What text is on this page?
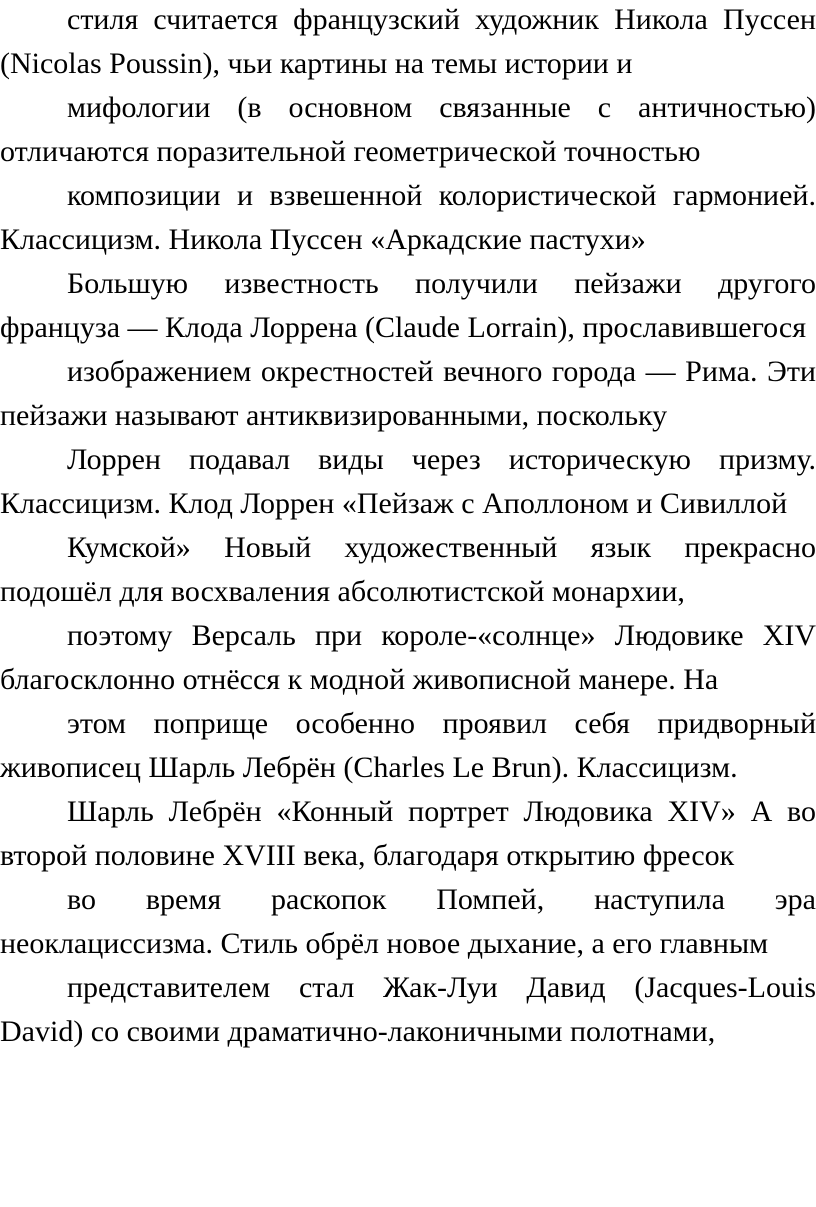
стиля считается французский художник Никола Пуссен (Nicolas Poussin), чьи картины на темы истории и

мифологии (в основном связанные с античностью) отличаются поразительной геометрической точностью

композиции и взвешенной колористической гармонией. Классицизм. Никола Пуссен «Аркадские пастухи»

Большую известность получили пейзажи другого француза — Клода Лоррена (Claude Lorrain), прославившегося

изображением окрестностей вечного города — Рима. Эти пейзажи называют антиквизированными, поскольку

Лоррен подавал виды через историческую призму. Классицизм. Клод Лоррен «Пейзаж с Аполлоном и Сивиллой

Кумской» Новый художественный язык прекрасно подошёл для восхваления абсолютистской монархии,

поэтому Версаль при короле-«солнце» Людовике XIV благосклонно отнёсся к модной живописной манере. На

этом поприще особенно проявил себя придворный живописец Шарль Лебрён (Charles Le Brun). Классицизм.

Шарль Лебрён «Конный портрет Людовика XIV» А во второй половине XVIII века, благодаря открытию фресок

во время раскопок Помпей, наступила эра неоклациссизма. Стиль обрёл новое дыхание, а его главным

представителем стал Жак-Луи Давид (Jacques-Louis David) со своими драматично-лаконичными полотнами,
